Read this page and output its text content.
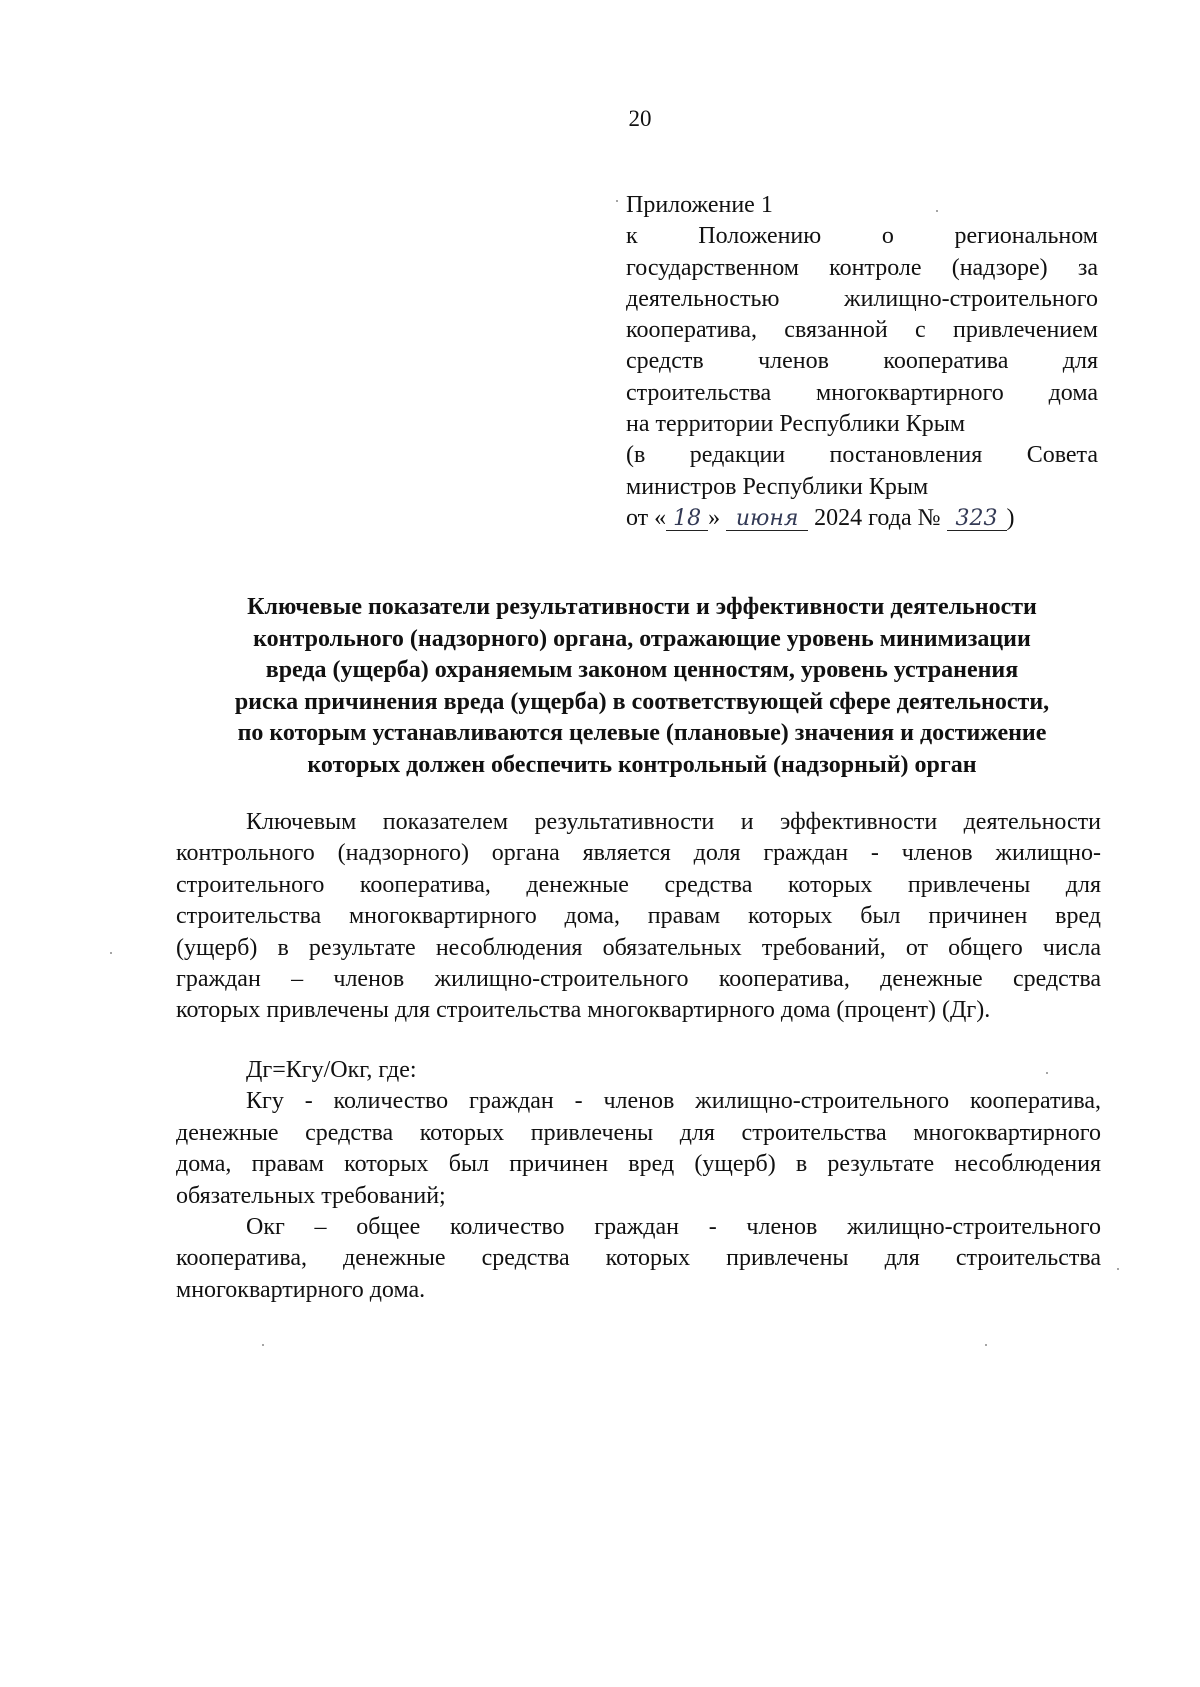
20
Приложение 1
к Положению о региональном
государственном контроле (надзоре) за
деятельностью жилищно-строительного
кооператива, связанной с привлечением
средств членов кооператива для
строительства многоквартирного дома
на территории Республики Крым
(в редакции постановления Совета
министров Республики Крым
от « 18 » июня 2024 года № 323 )
Ключевые показатели результативности и эффективности деятельности
контрольного (надзорного) органа, отражающие уровень минимизации
вреда (ущерба) охраняемым законом ценностям, уровень устранения
риска причинения вреда (ущерба) в соответствующей сфере деятельности,
по которым устанавливаются целевые (плановые) значения и достижение
которых должен обеспечить контрольный (надзорный) орган
Ключевым показателем результативности и эффективности деятельности
контрольного (надзорного) органа является доля граждан - членов жилищно-
строительного кооператива, денежные средства которых привлечены для
строительства многоквартирного дома, правам которых был причинен вред
(ущерб) в результате несоблюдения обязательных требований, от общего числа
граждан – членов жилищно-строительного кооператива, денежные средства
которых привлечены для строительства многоквартирного дома (процент) (Дг).
Дг=Кгу/Окг, где:
Кгу - количество граждан - членов жилищно-строительного кооператива,
денежные средства которых привлечены для строительства многоквартирного
дома, правам которых был причинен вред (ущерб) в результате несоблюдения
обязательных требований;
Окг – общее количество граждан - членов жилищно-строительного
кооператива, денежные средства которых привлечены для строительства
многоквартирного дома.
